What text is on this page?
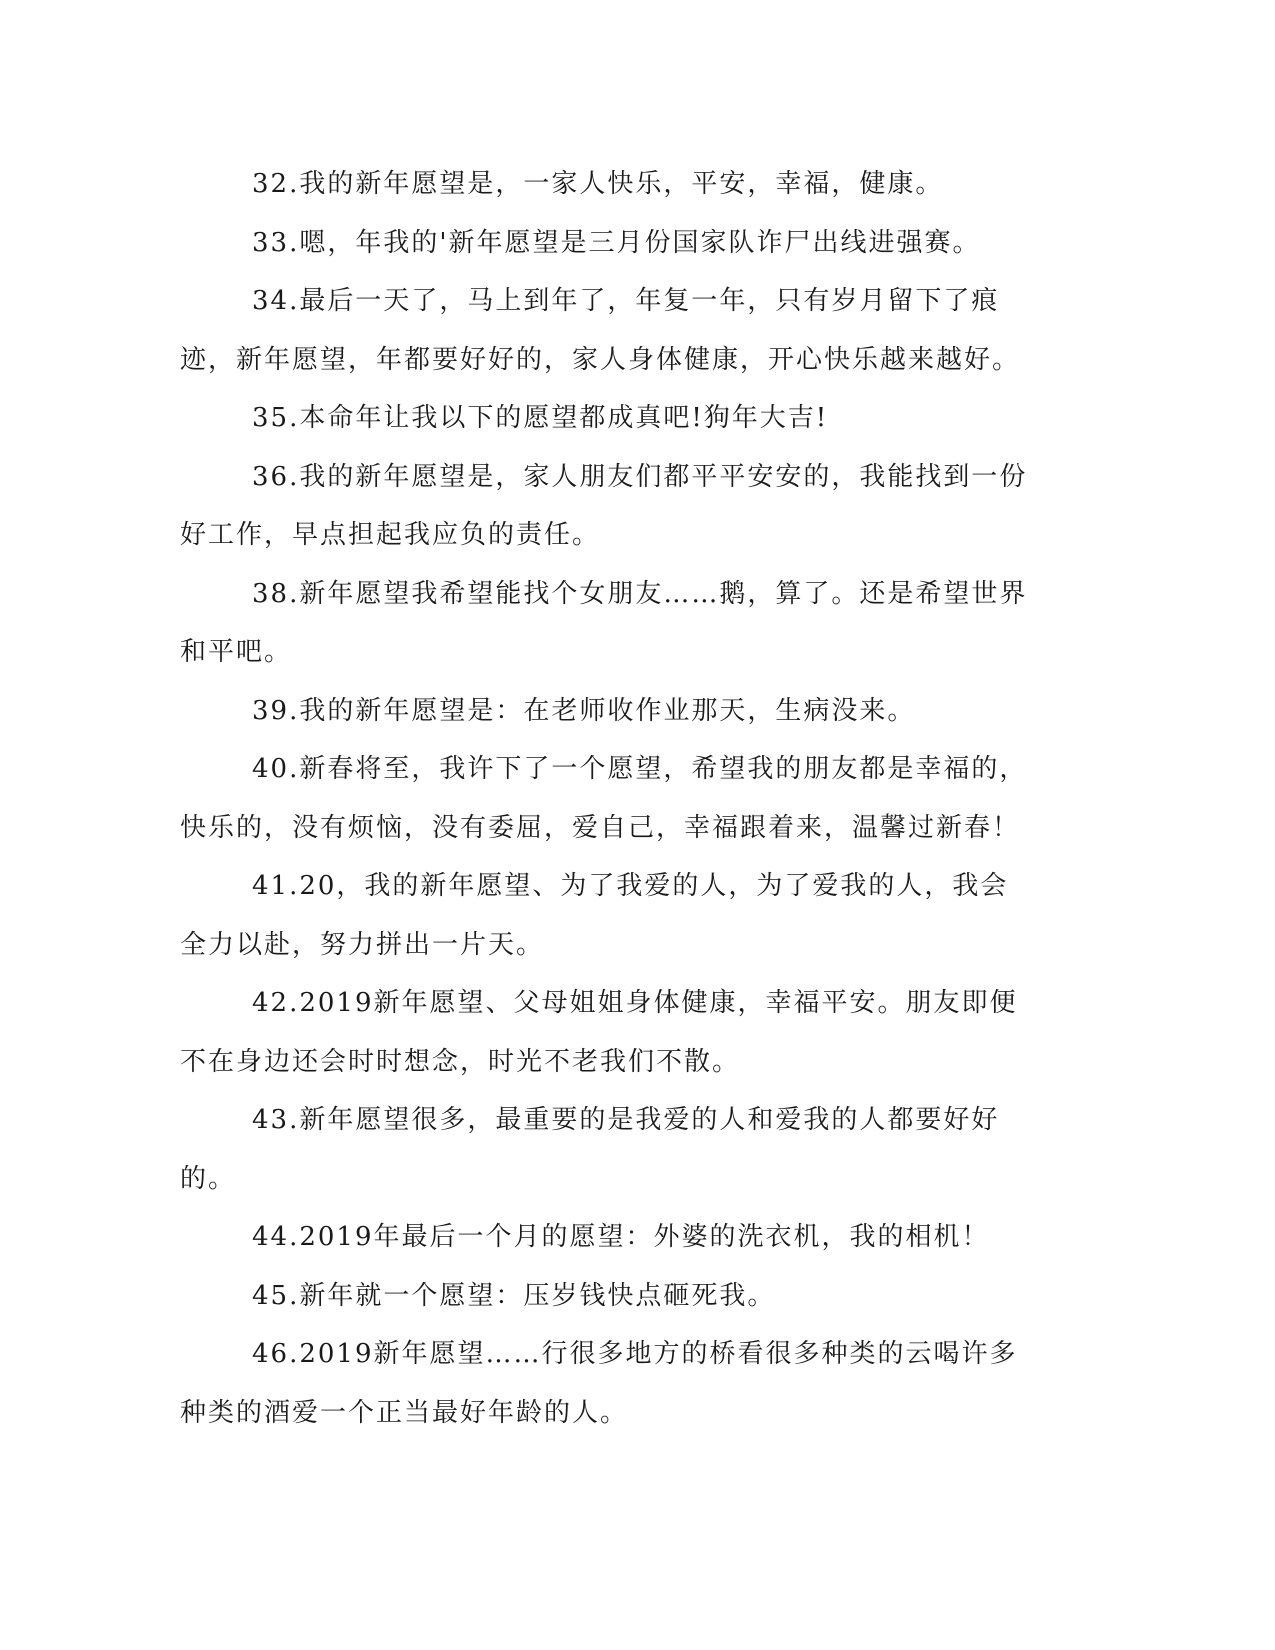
32.我的新年愿望是，一家人快乐，平安，幸福，健康。

33.嗯，年我的'新年愿望是三月份国家队诈尸出线进强赛。

34.最后一天了，马上到年了，年复一年，只有岁月留下了痕迹，新年愿望，年都要好好的，家人身体健康，开心快乐越来越好。

35.本命年让我以下的愿望都成真吧!狗年大吉!

36.我的新年愿望是，家人朋友们都平平安安的，我能找到一份好工作，早点担起我应负的责任。

38.新年愿望我希望能找个女朋友……鹅，算了。还是希望世界和平吧。

39.我的新年愿望是：在老师收作业那天，生病没来。

40.新春将至，我许下了一个愿望，希望我的朋友都是幸福的，快乐的，没有烦恼，没有委屈，爱自己，幸福跟着来，温馨过新春！

41.20，我的新年愿望、为了我爱的人，为了爱我的人，我会全力以赴，努力拼出一片天。

42.2019新年愿望、父母姐姐身体健康，幸福平安。朋友即便不在身边还会时时想念，时光不老我们不散。

43.新年愿望很多，最重要的是我爱的人和爱我的人都要好好的。

44.2019年最后一个月的愿望：外婆的洗衣机，我的相机！

45.新年就一个愿望：压岁钱快点砸死我。

46.2019新年愿望……行很多地方的桥看很多种类的云喝许多种类的酒爱一个正当最好年龄的人。
